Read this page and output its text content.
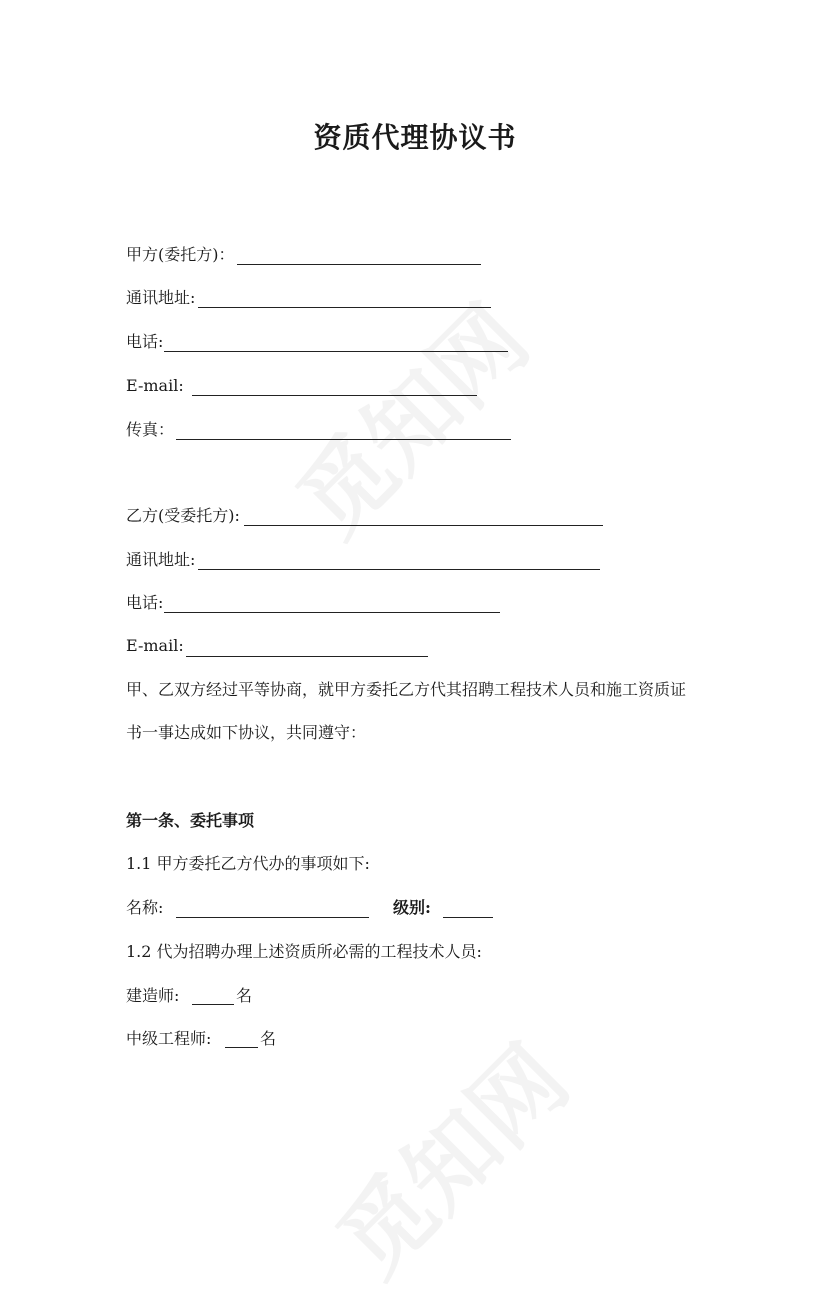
资质代理协议书
甲方(委托方)：
通讯地址:
电话:
E-mail:
传真：
乙方(受委托方):
通讯地址:
电话:
E-mail:
甲、乙双方经过平等协商，就甲方委托乙方代其招聘工程技术人员和施工资质证
书一事达成如下协议，共同遵守：
第一条、委托事项
1.1 甲方委托乙方代办的事项如下:
名称:	级别:
1.2 代为招聘办理上述资质所必需的工程技术人员:
建造师:	名
中级工程师:	名
